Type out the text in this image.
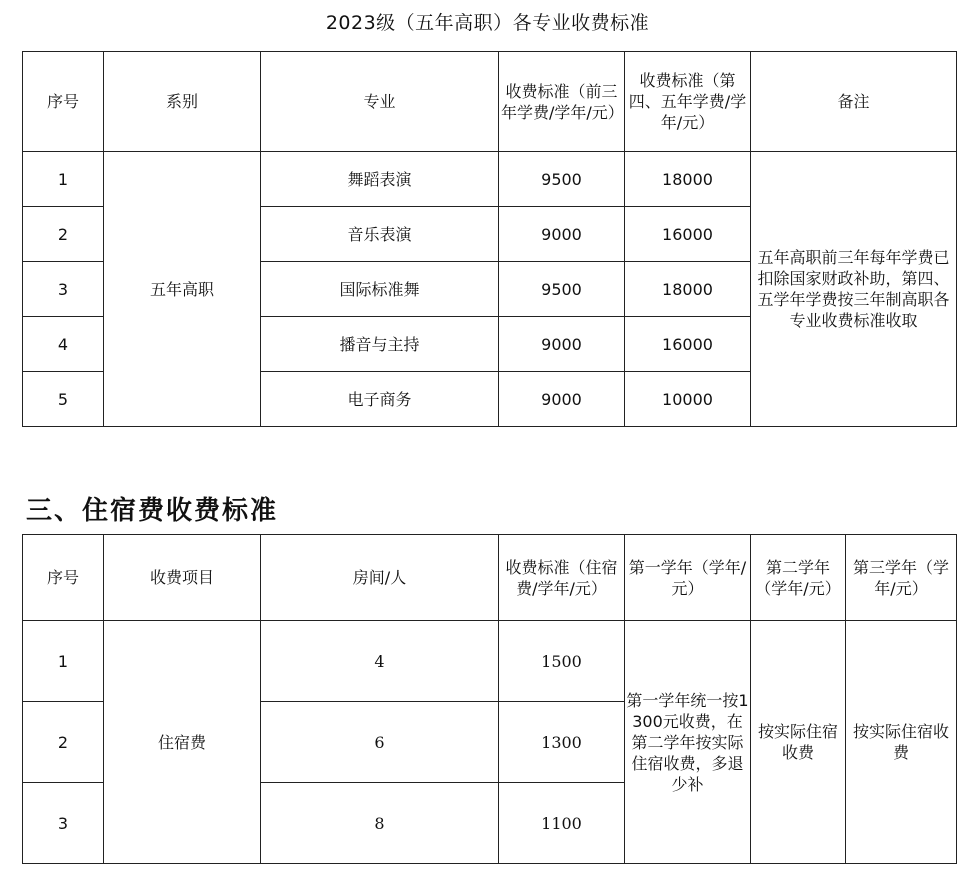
2023级（五年高职）各专业收费标准
序号	系别	专业	收费标准（前三年学费/学年/元）	收费标准（第四、五年学费/学年/元）	备注
1	五年高职	舞蹈表演	9500	18000	五年高职前三年每年学费已扣除国家财政补助，第四、五学年学费按三年制高职各专业收费标准收取
2		音乐表演	9000	16000	
3		国际标准舞	9500	18000	
4		播音与主持	9000	16000	
5		电子商务	9000	10000	
三、住宿费收费标准
序号	收费项目	房间/人	收费标准（住宿费/学年/元）	第一学年（学年/元）	第二学年（学年/元）	第三学年（学年/元）
1	住宿费	4	1500	第一学年统一按1300元收费，在第二学年按实际住宿收费，多退少补	按实际住宿收费	按实际住宿收费
2		6	1300			
3		8	1100			
